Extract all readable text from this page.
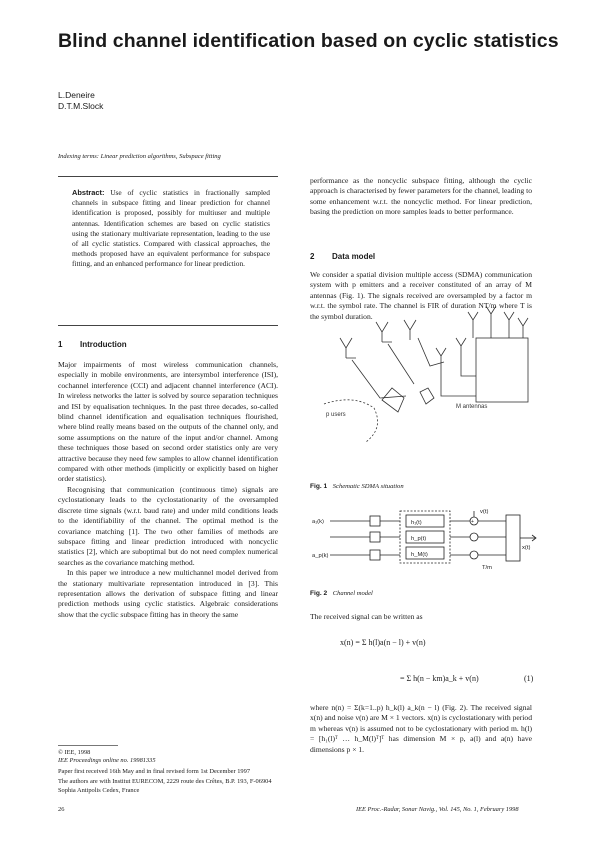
Blind channel identification based on cyclic statistics
L.Deneire
D.T.M.Slock
Indexing terms: Linear prediction algorithms, Subspace fitting

Abstract: Use of cyclic statistics in fractionally sampled channels in subspace fitting and linear prediction for channel identification is proposed, possibly for multiuser and multiple antennas. Identification schemes are based on cyclic statistics using the stationary multivariate representation, leading to the use of all cyclic statistics. Compared with classical approaches, the methods proposed have an equivalent performance for subspace fitting, and an enhanced performance for linear prediction.

1 Introduction

Major impairments of most wireless communication channels, especially in mobile environments, are intersymbol interference (ISI), cochannel interference (CCI) and adjacent channel interference (ACI). In wireless networks the latter is solved by source separation techniques and ISI by equalisation techniques. In the past three decades, so-called blind channel identification and equalisation techniques flourished, where blind really means based on the outputs of the channel only, and some assumptions on the nature of the input and/or channel. Among these techniques those based on second order statistics only are very attractive because they need few samples to allow channel identification compared with other methods (implicitly or explicitly based on higher order statistics).

Recognising that communication (continuous time) signals are cyclostationary leads to the cyclostationarity of the oversampled discrete time signals (w.r.t. baud rate) and under mild conditions leads to the identifiability of the channel. The optimal method is the covariance matching [1]. The two other families of methods are subspace fitting and linear prediction introduced with noncyclic statistics [2], which are suboptimal but do not need complex numerical searches as the covariance matching method.

In this paper we introduce a new multichannel model derived from the stationary multivariate representation introduced in [3]. This representation allows the derivation of subspace fitting and linear prediction methods using cyclic statistics. Algebraic considerations show that the cyclic subspace fitting has in theory the same

© IEE, 1998
IEE Proceedings online no. 19981335
Paper first received 16th May and in final revised form 1st December 1997
The authors are with Institut EURECOM, 2229 route des Crêtes, B.P. 193, F-06904 Sophia Antipolis Cedex, France

performance as the noncyclic subspace fitting, although the cyclic approach is characterised by fewer parameters for the channel, leading to some enhancement w.r.t. the noncyclic method. For linear prediction, basing the prediction on more samples leads to better performance.

2 Data model

We consider a spatial division multiple access (SDMA) communication system with p emitters and a receiver constituted of an array of M antennas (Fig. 1). The signals received are oversampled by a factor m w.r.t. the symbol rate. The channel is FIR of duration NT/m where T is the symbol duration.

p users
M antennas
Fig. 1 Schematic SDMA situation
a₁(k)
a_p(k)
h₁(t)
h_p(t)
h_M(t)
+
v(t)
x(t)
T/m
Fig. 2 Channel model
The received signal can be written as
x(n) = Σ h(l)a(n − l) + v(n)
= Σ h(n − km)a_k + v(n)	(1)

where n(n) = Σ(k=1..p) h_k(l) a_k(n − l) (Fig. 2). The received signal x(n) and noise v(n) are M × 1 vectors. x(n) is cyclostationary with period m whereas v(n) is assumed not to be cyclostationary with period m. h(l) = [h₁(l)ᵀ … h_M(l)ᵀ]ᵀ has dimension M × p, a(l) and a(n) have dimensions p × 1.

26	IEE Proc.-Radar, Sonar Navig., Vol. 145, No. 1, February 1998
